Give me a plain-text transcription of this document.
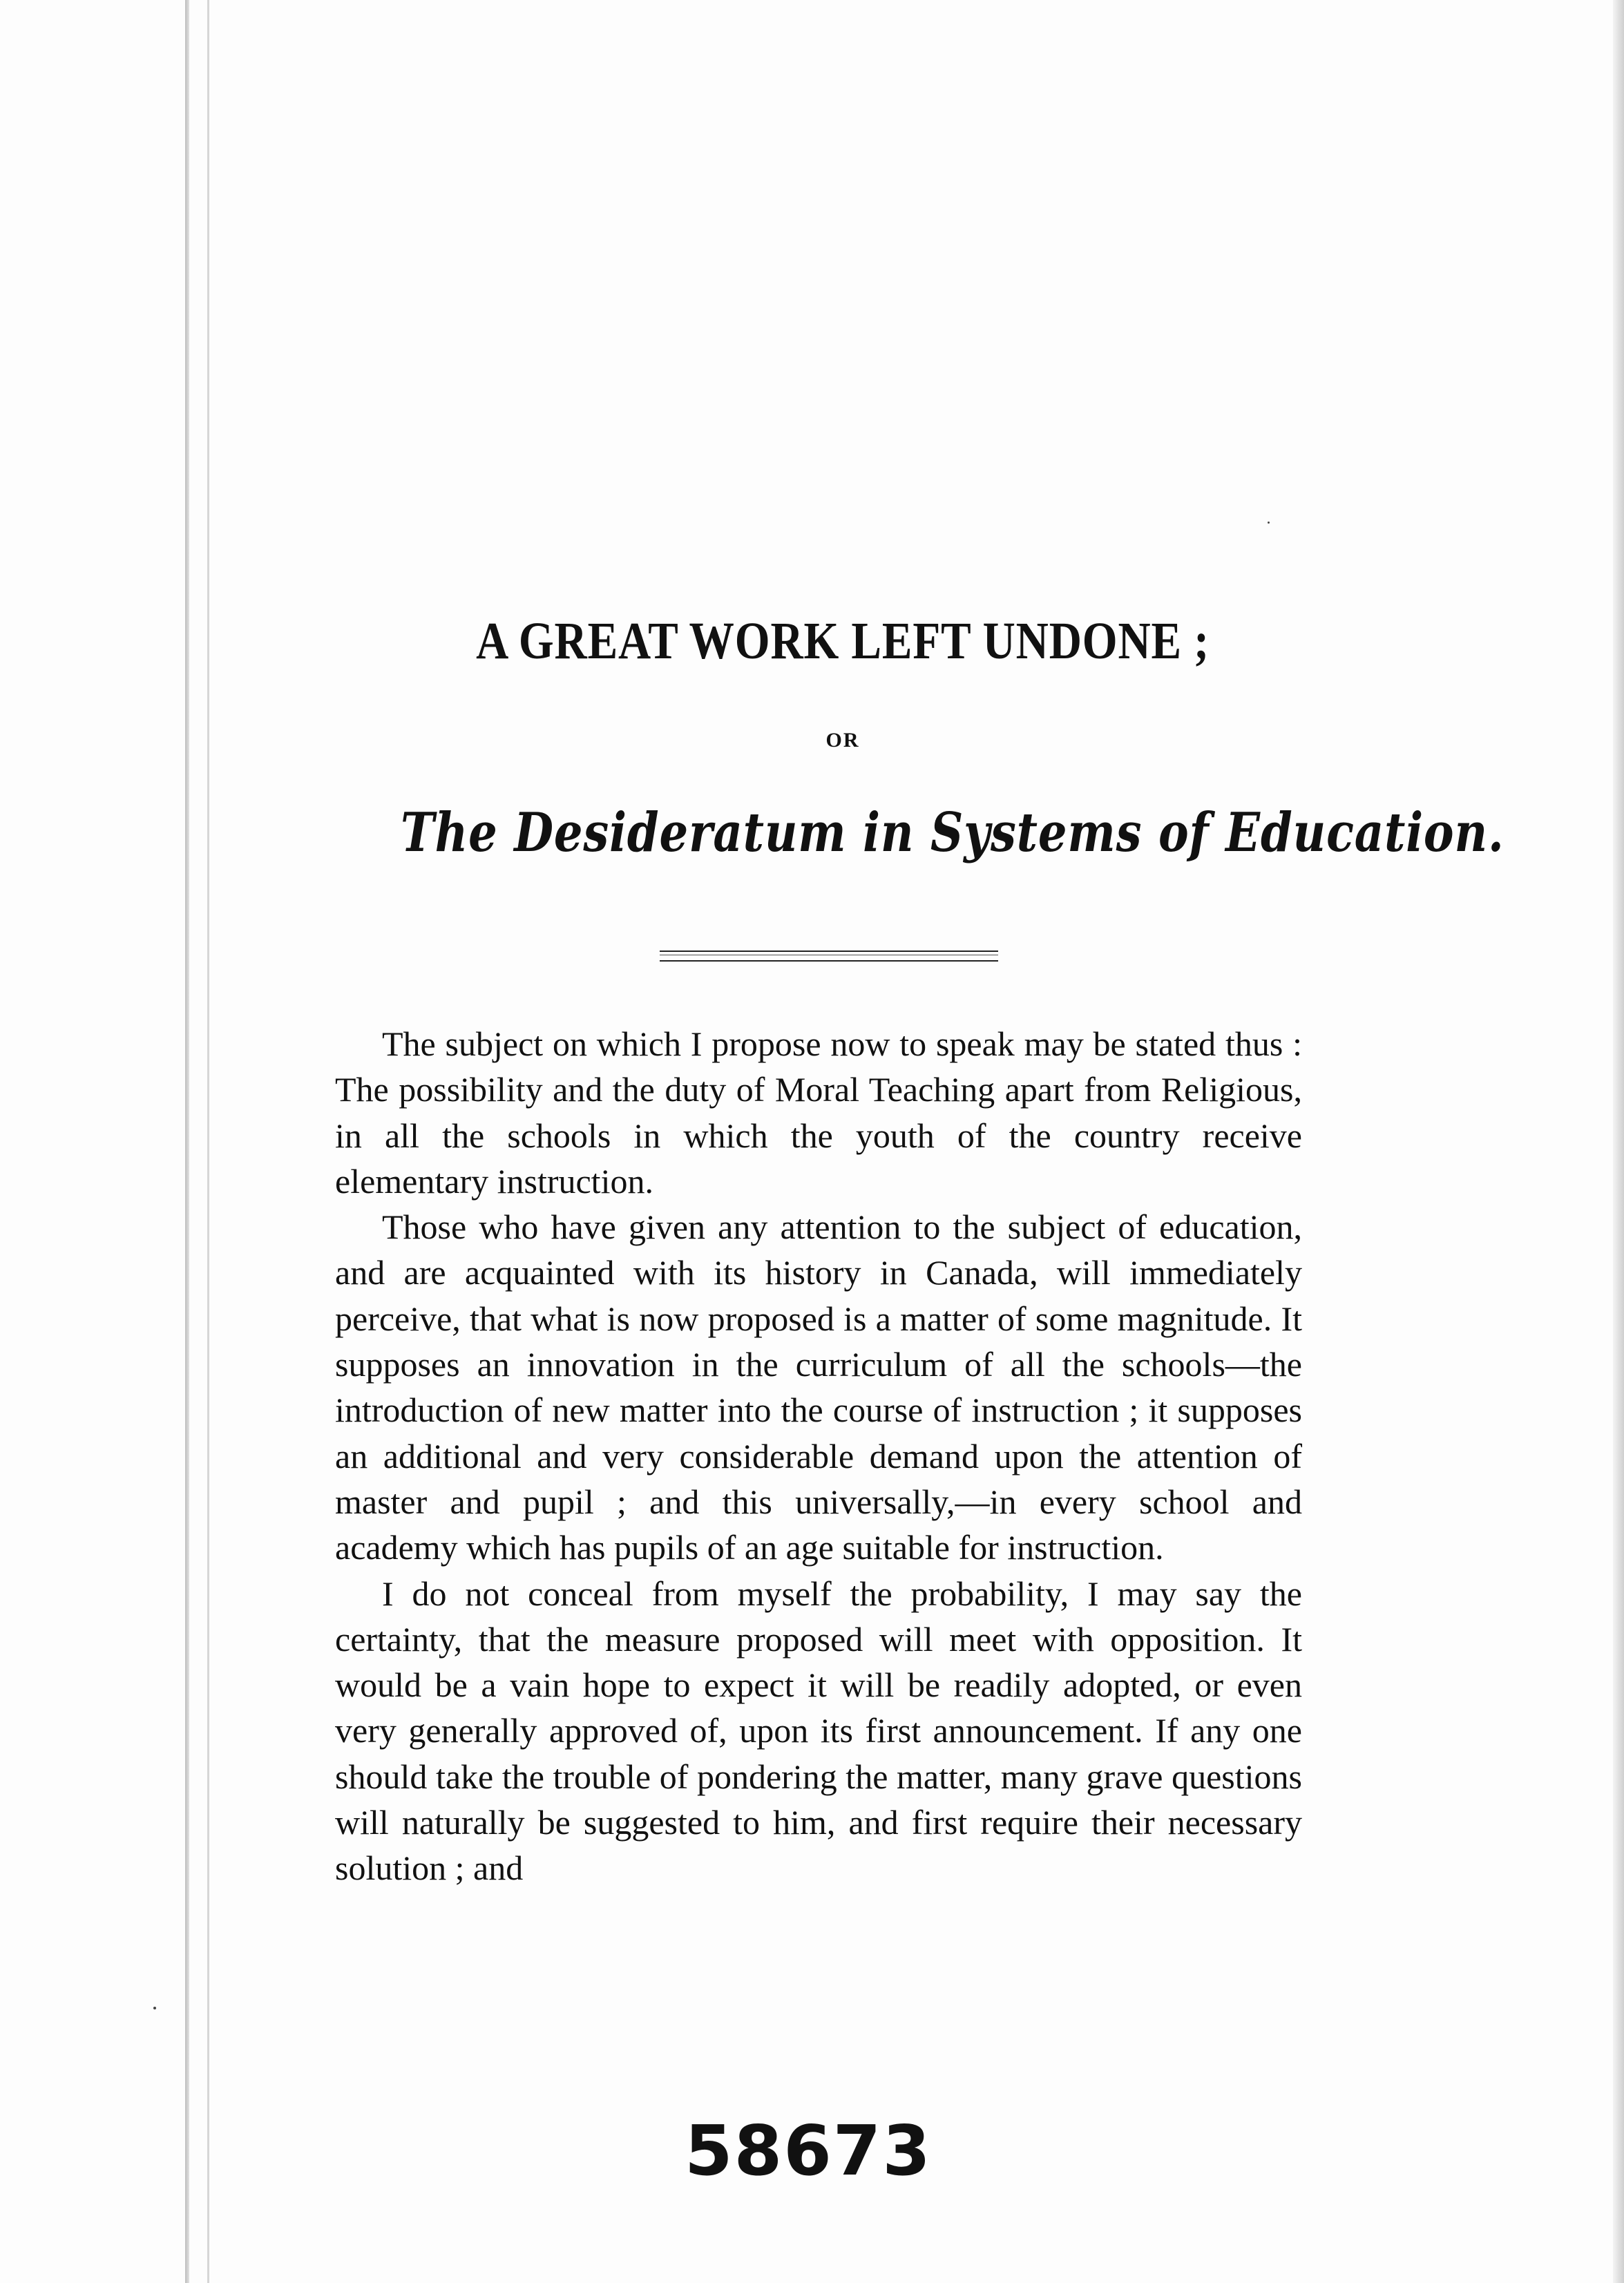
A GREAT WORK LEFT UNDONE ;
OR
The Desideratum in Systems of Education.

The subject on which I propose now to speak may be stated thus : The possibility and the duty of Moral Teaching apart from Religious, in all the schools in which the youth of the country receive elementary instruction.

Those who have given any attention to the subject of education, and are acquainted with its history in Canada, will immediately perceive, that what is now proposed is a matter of some magnitude. It supposes an innovation in the curriculum of all the schools—the introduction of new matter into the course of instruction ; it supposes an additional and very considerable demand upon the attention of master and pupil ; and this universally,—in every school and academy which has pupils of an age suitable for instruction.

I do not conceal from myself the probability, I may say the certainty, that the measure proposed will meet with opposition. It would be a vain hope to expect it will be readily adopted, or even very generally approved of, upon its first announcement. If any one should take the trouble of pondering the matter, many grave questions will naturally be suggested to him, and first require their necessary solution ; and

58673
